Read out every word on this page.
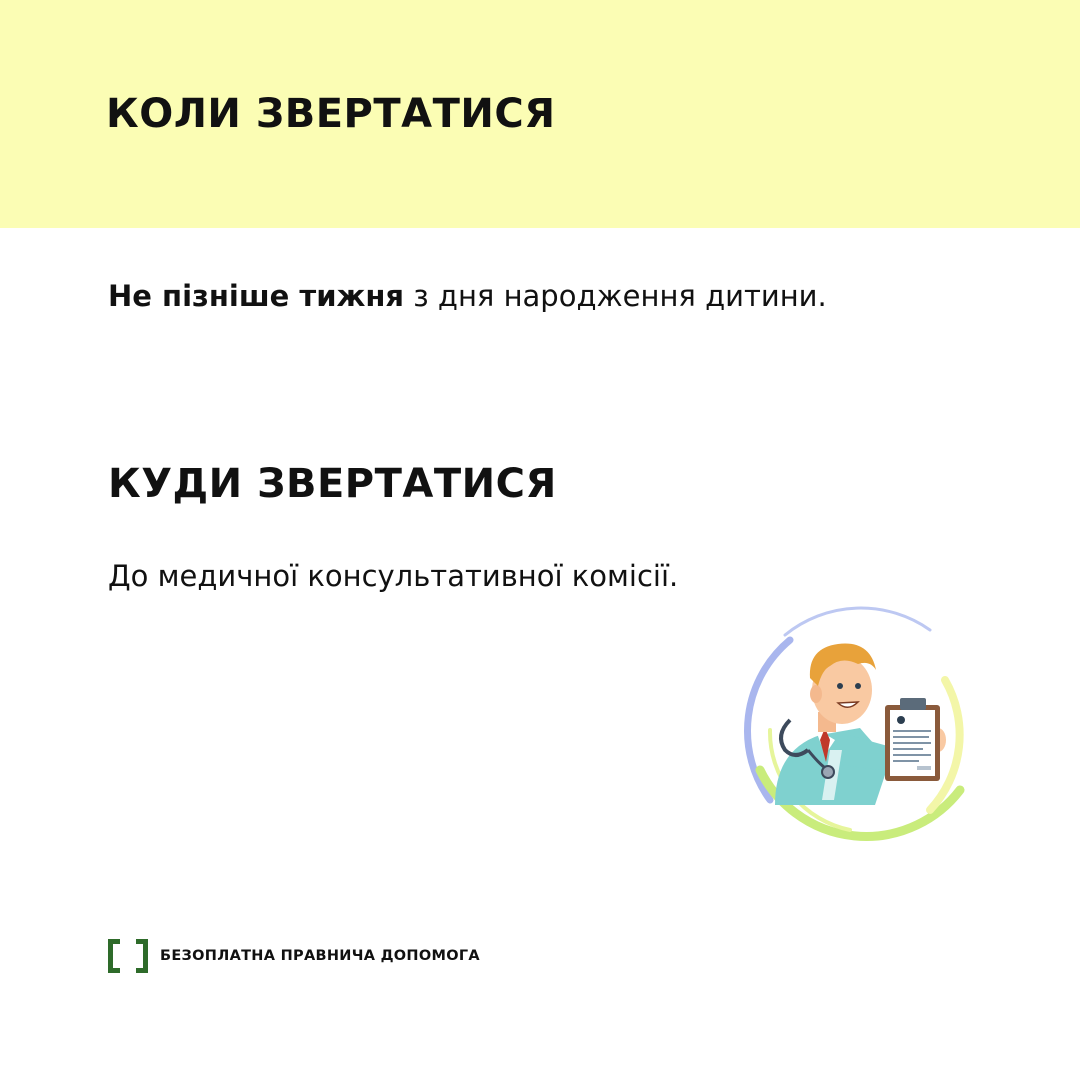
КОЛИ ЗВЕРТАТИСЯ

Не пізніше тижня з дня народження дитини.

КУДИ ЗВЕРТАТИСЯ

До медичної консультативної комісії.

БЕЗОПЛАТНА ПРАВНИЧА ДОПОМОГА
